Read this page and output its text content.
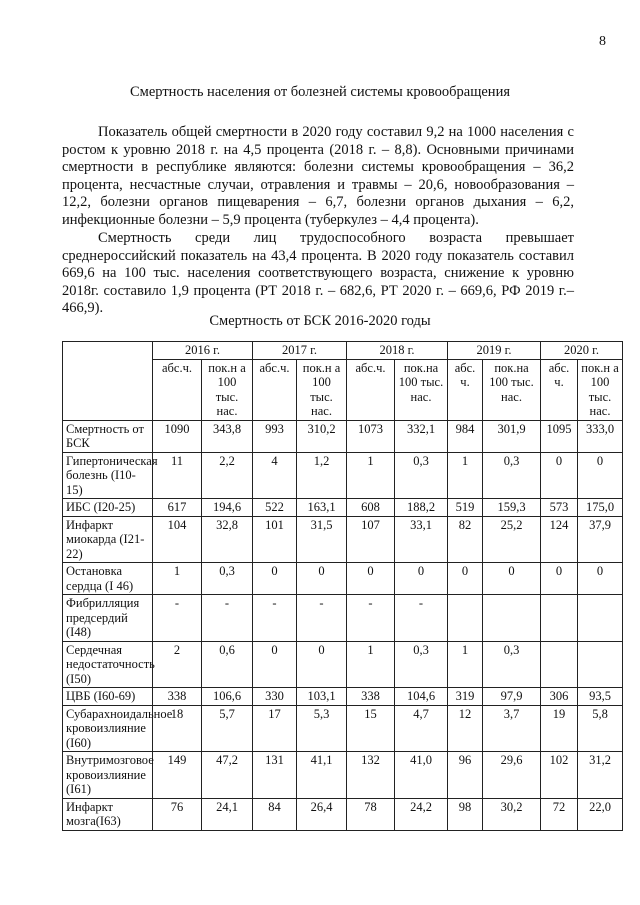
8
Смертность населения от болезней системы кровообращения

Показатель общей смертности в 2020 году составил 9,2 на 1000 населения с ростом к уровню 2018 г. на 4,5 процента (2018 г. – 8,8). Основными причинами смертности в республике являются: болезни системы кровообращения – 36,2 процента, несчастные случаи, отравления и травмы – 20,6, новообразования – 12,2, болезни органов пищеварения – 6,7, болезни органов дыхания – 6,2, инфекционные болезни – 5,9 процента (туберкулез – 4,4 процента).

Смертность среди лиц трудоспособного возраста превышает среднероссийский показатель на 43,4 процента. В 2020 году показатель составил 669,6 на 100 тыс. населения соответствующего возраста, снижение к уровню 2018г. составило 1,9 процента (РТ 2018 г. – 682,6, РТ 2020 г. – 669,6, РФ 2019 г.– 466,9).

Смертность от БСК 2016-2020 годы
	2016 г.		2017 г.		2018 г.		2019 г.		2020 г.	
	абс.ч.	пок.н а 100 тыс. нас.	абс.ч.	пок.н а 100 тыс. нас.	абс.ч.	пок.на 100 тыс. нас.	абс. ч.	пок.на 100 тыс. нас.	абс. ч.	пок.н а 100 тыс. нас.
Смертность от БСК	1090	343,8	993	310,2	1073	332,1	984	301,9	1095	333,0
Гипертоническая болезнь (I10-15)	11	2,2	4	1,2	1	0,3	1	0,3	0	0
ИБС (I20-25)	617	194,6	522	163,1	608	188,2	519	159,3	573	175,0
Инфаркт миокарда (I21-22)	104	32,8	101	31,5	107	33,1	82	25,2	124	37,9
Остановка сердца (I 46)	1	0,3	0	0	0	0	0	0	0	0
Фибрилляция предсердий (I48)	-	-	-	-	-	-				
Сердечная недостаточность (I50)	2	0,6	0	0	1	0,3	1	0,3		
ЦВБ (I60-69)	338	106,6	330	103,1	338	104,6	319	97,9	306	93,5
Субарахноидальное кровоизлияние (I60)	18	5,7	17	5,3	15	4,7	12	3,7	19	5,8
Внутримозговое кровоизлияние (I61)	149	47,2	131	41,1	132	41,0	96	29,6	102	31,2
Инфаркт мозга(I63)	76	24,1	84	26,4	78	24,2	98	30,2	72	22,0
